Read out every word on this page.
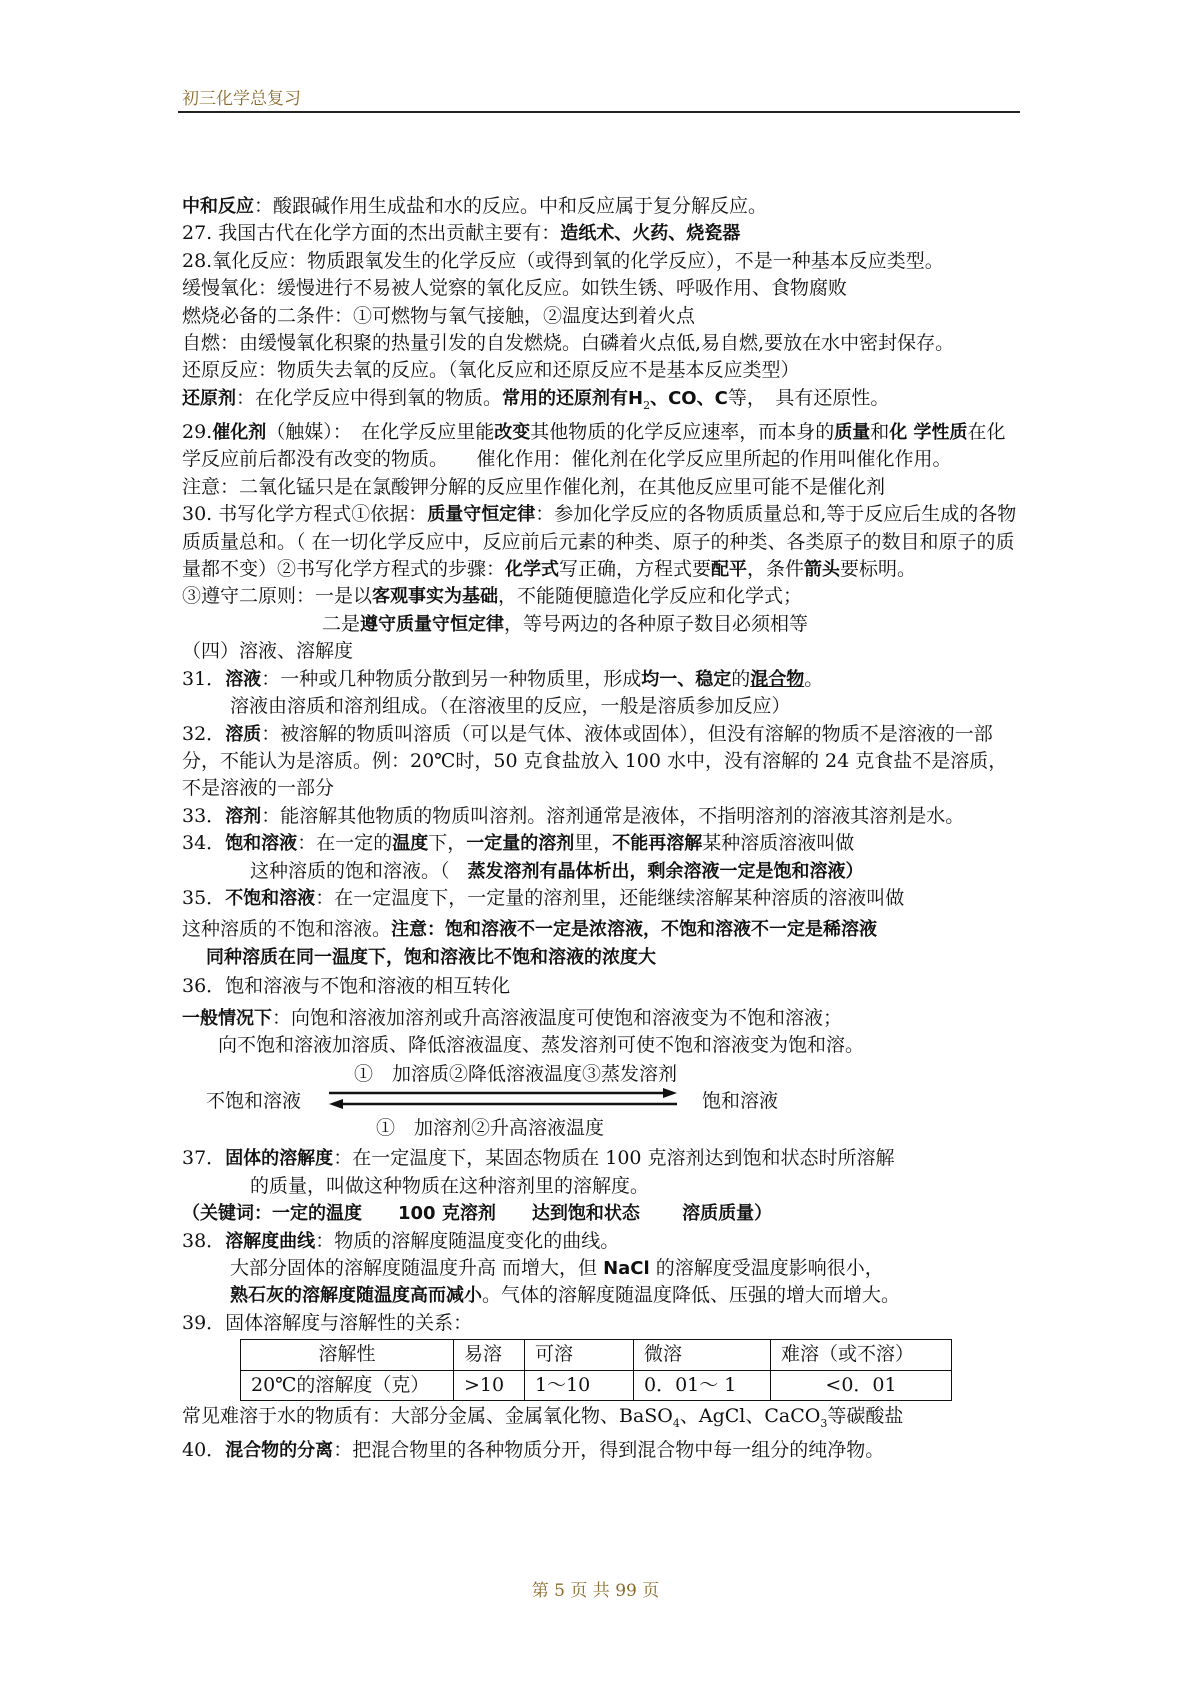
初三化学总复习

中和反应：酸跟碱作用生成盐和水的反应。中和反应属于复分解反应。

27. 我国古代在化学方面的杰出贡献主要有：造纸术、火药、烧瓷器

28.氧化反应：物质跟氧发生的化学反应（或得到氧的化学反应），不是一种基本反应类型。

缓慢氧化：缓慢进行不易被人觉察的氧化反应。如铁生锈、呼吸作用、食物腐败

燃烧必备的二条件：①可燃物与氧气接触，②温度达到着火点

自燃：由缓慢氧化积聚的热量引发的自发燃烧。白磷着火点低,易自燃,要放在水中密封保存。

还原反应：物质失去氧的反应。（氧化反应和还原反应不是基本反应类型）

还原剂：在化学反应中得到氧的物质。常用的还原剂有$H_2$、CO、C等，　具有还原性。

29.催化剂（触媒）：　在化学反应里能改变其他物质的化学反应速率，而本身的质量和化 学性质在化学反应前后都没有改变的物质。　　催化作用：催化剂在化学反应里所起的作用叫催化作用。

注意：二氧化锰只是在氯酸钾分解的反应里作催化剂，在其他反应里可能不是催化剂

30. 书写化学方程式①依据：质量守恒定律：参加化学反应的各物质质量总和,等于反应后生成的各物质质量总和。（ 在一切化学反应中，反应前后元素的种类、原子的种类、各类原子的数目和原子的质量都不变）②书写化学方程式的步骤：化学式写正确，方程式要配平，条件箭头要标明。

③遵守二原则：一是以客观事实为基础，不能随便臆造化学反应和化学式；

二是遵守质量守恒定律，等号两边的各种原子数目必须相等

（四）溶液、溶解度

31．溶液：一种或几种物质分散到另一种物质里，形成均一、稳定的混合物。

溶液由溶质和溶剂组成。（在溶液里的反应，一般是溶质参加反应）

32．溶质：被溶解的物质叫溶质（可以是气体、液体或固体），但没有溶解的物质不是溶液的一部分，不能认为是溶质。例：20℃时，50 克食盐放入 100 水中，没有溶解的 24 克食盐不是溶质，不是溶液的一部分

33．溶剂：能溶解其他物质的物质叫溶剂。溶剂通常是液体，不指明溶剂的溶液其溶剂是水。

34．饱和溶液：在一定的温度下，一定量的溶剂里，不能再溶解某种溶质溶液叫做

这种溶质的饱和溶液。（　蒸发溶剂有晶体析出，剩余溶液一定是饱和溶液）

35．不饱和溶液：在一定温度下，一定量的溶剂里，还能继续溶解某种溶质的溶液叫做

这种溶质的不饱和溶液。注意：饱和溶液不一定是浓溶液，不饱和溶液不一定是稀溶液

同种溶质在同一温度下，饱和溶液比不饱和溶液的浓度大

36．饱和溶液与不饱和溶液的相互转化

一般情况下：向饱和溶液加溶剂或升高溶液温度可使饱和溶液变为不饱和溶液；

向不饱和溶液加溶质、降低溶液温度、蒸发溶剂可使不饱和溶液变为饱和溶。

①　加溶质②降低溶液温度③蒸发溶剂
不饱和溶液	饱和溶液
①　加溶剂②升高溶液温度

37．固体的溶解度：在一定温度下，某固态物质在 100 克溶剂达到饱和状态时所溶解

的质量，叫做这种物质在这种溶剂里的溶解度。

（关键词：一定的温度　　100 克溶剂　　达到饱和状态　　 溶质质量）

38．溶解度曲线：物质的溶解度随温度变化的曲线。

大部分固体的溶解度随温度升高 而增大，但 NaCl 的溶解度受温度影响很小，

熟石灰的溶解度随温度高而减小。气体的溶解度随温度降低、压强的增大而增大。

39．固体溶解度与溶解性的关系：

溶解性	易溶	可溶	微溶	难溶（或不溶）
20℃的溶解度（克）	>10	1～10	0．01～ 1	<0．01

常见难溶于水的物质有：大部分金属、金属氧化物、BaSO$_4$、AgCl、CaCO$_3$等碳酸盐

40．混合物的分离：把混合物里的各种物质分开，得到混合物中每一组分的纯净物。

第 5 页 共 99 页
